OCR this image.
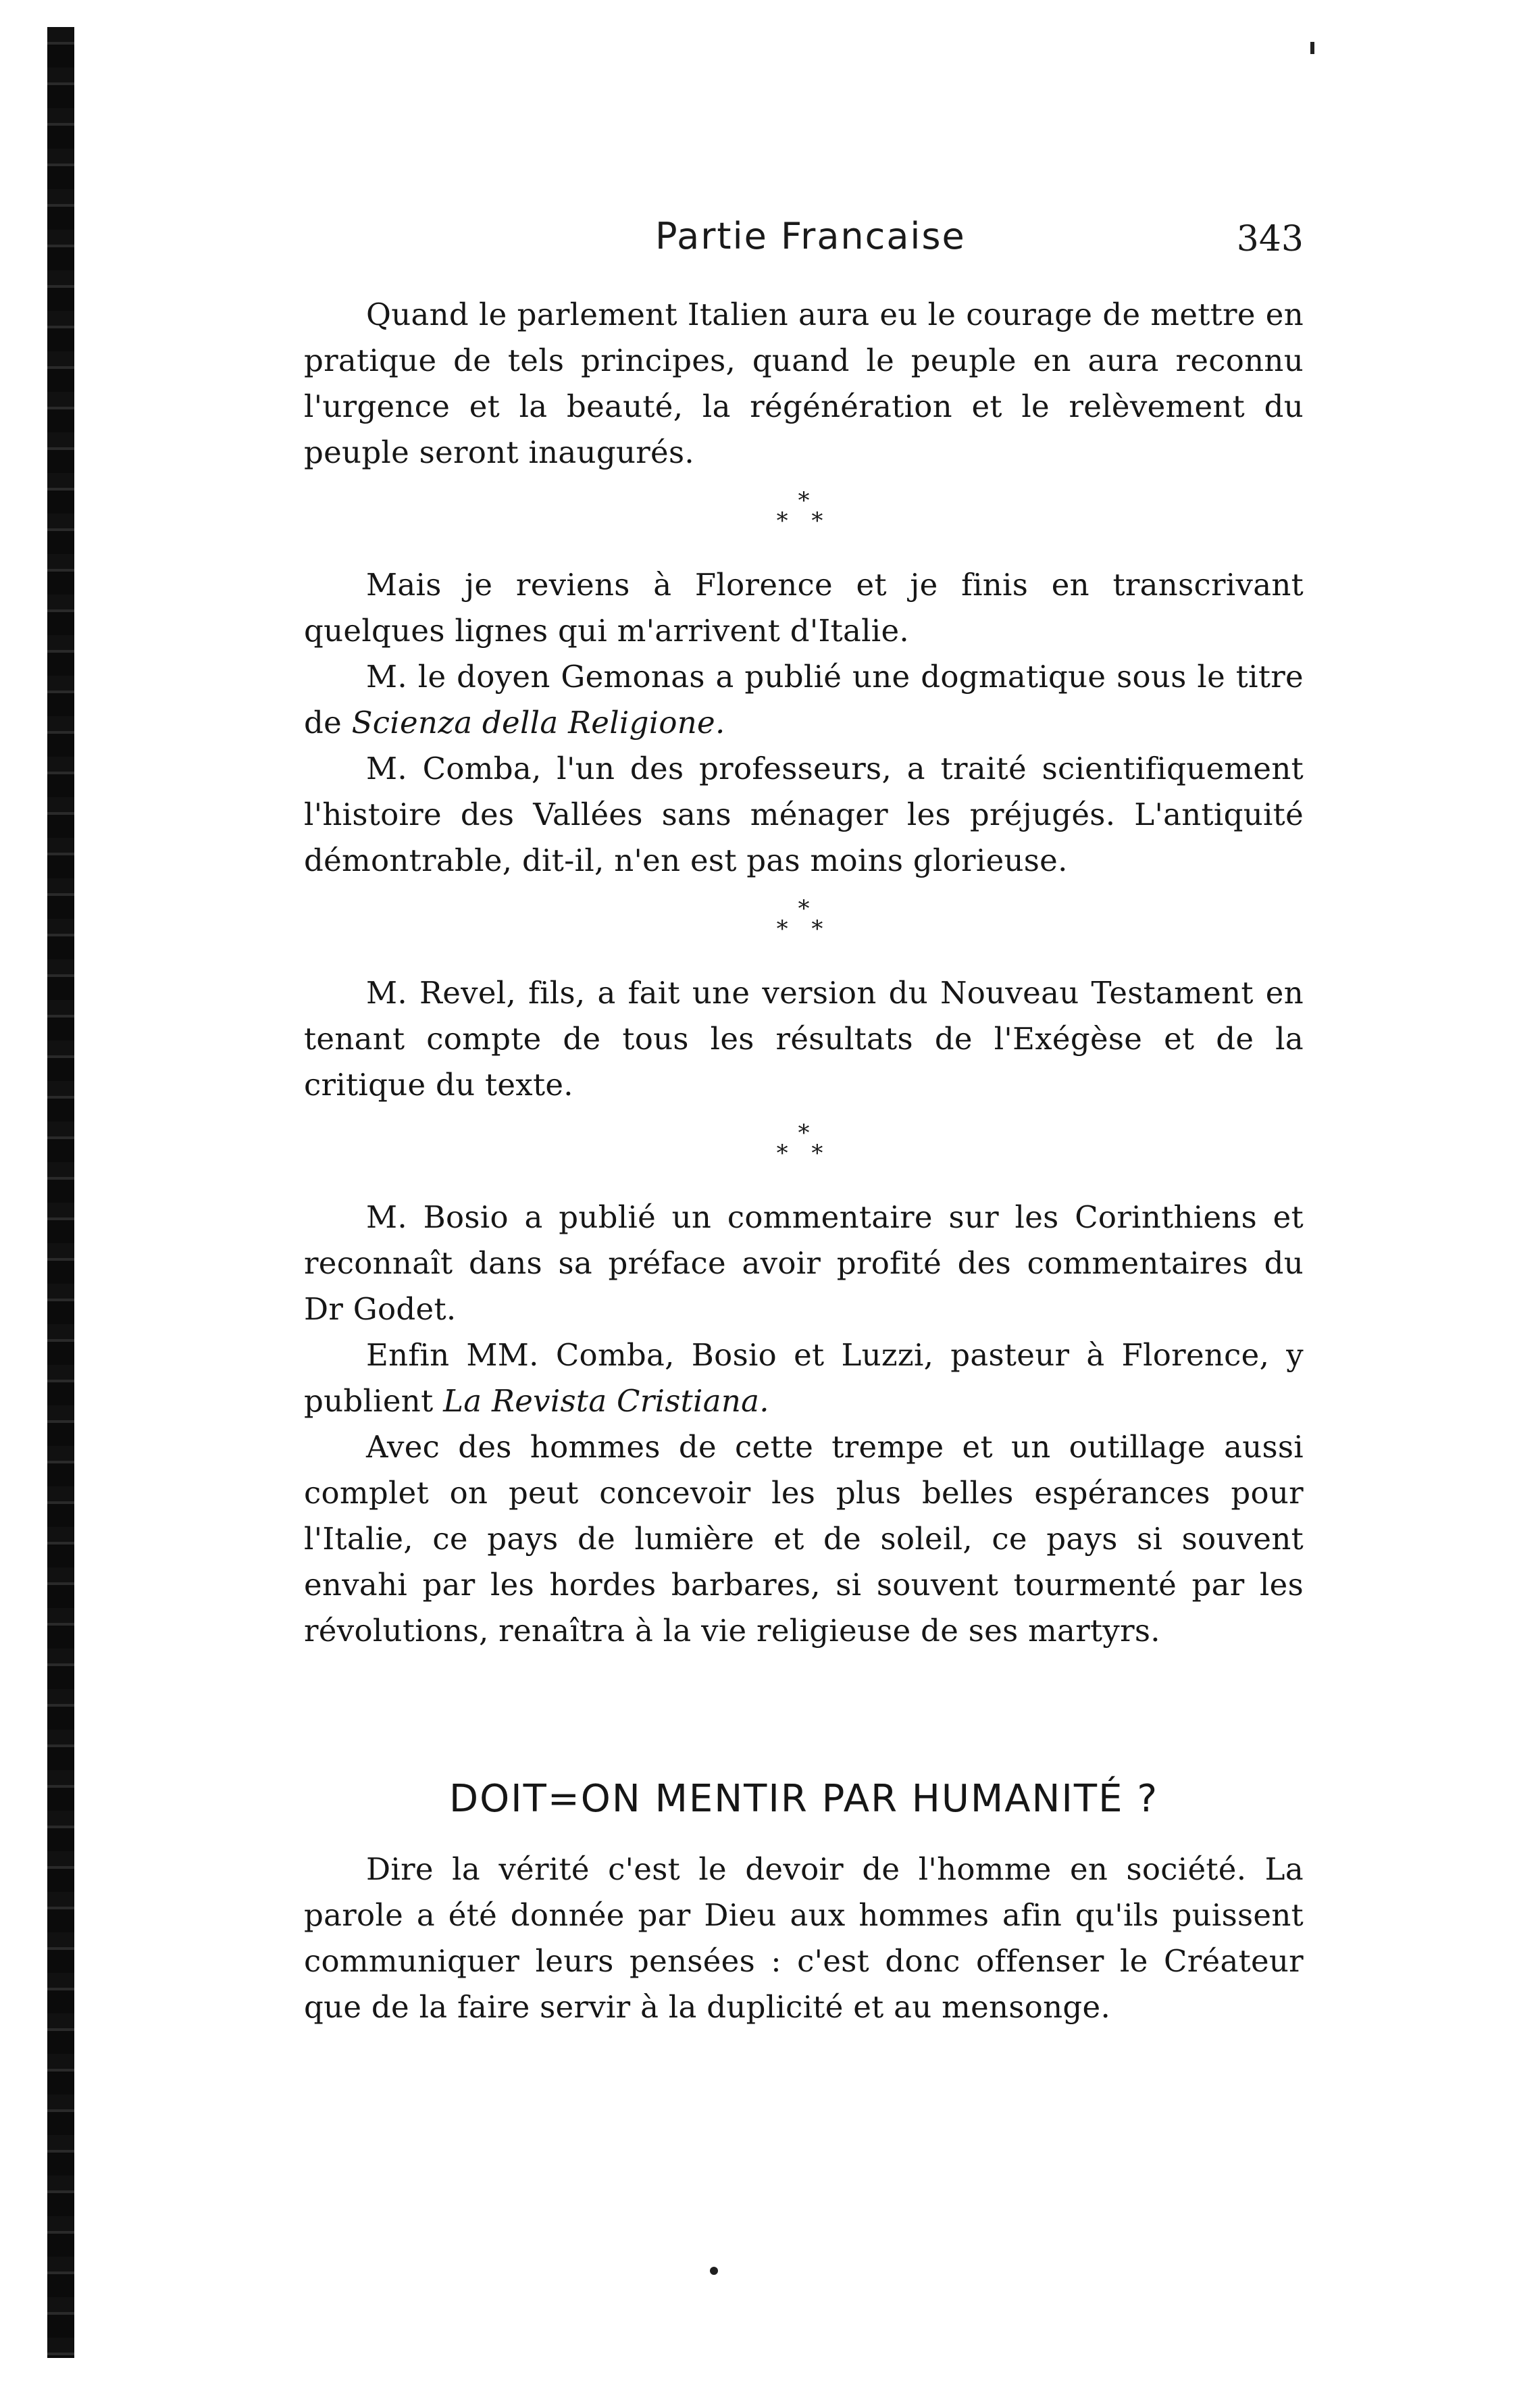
Partie Francaise	343

Quand le parlement Italien aura eu le courage de mettre en pratique de tels principes, quand le peuple en aura reconnu l'urgence et la beauté, la régénération et le relèvement du peuple seront inaugurés.

*
* *

Mais je reviens à Florence et je finis en transcrivant quelques lignes qui m'arrivent d'Italie.

M. le doyen Gemonas a publié une dogmatique sous le titre de Scienza della Religione.

M. Comba, l'un des professeurs, a traité scientifiquement l'histoire des Vallées sans ménager les préjugés. L'antiquité démontrable, dit-il, n'en est pas moins glorieuse.

*
* *

M. Revel, fils, a fait une version du Nouveau Testament en tenant compte de tous les résultats de l'Exégèse et de la critique du texte.

*
* *

M. Bosio a publié un commentaire sur les Corinthiens et reconnaît dans sa préface avoir profité des commentaires du Dr Godet.

Enfin MM. Comba, Bosio et Luzzi, pasteur à Florence, y publient La Revista Cristiana.

Avec des hommes de cette trempe et un outillage aussi complet on peut concevoir les plus belles espérances pour l'Italie, ce pays de lumière et de soleil, ce pays si souvent envahi par les hordes barbares, si souvent tourmenté par les révolutions, renaîtra à la vie religieuse de ses martyrs.

DOIT=ON MENTIR PAR HUMANITÉ ?

Dire la vérité c'est le devoir de l'homme en société. La parole a été donnée par Dieu aux hommes afin qu'ils puissent communiquer leurs pensées : c'est donc offenser le Créateur que de la faire servir à la duplicité et au mensonge.
